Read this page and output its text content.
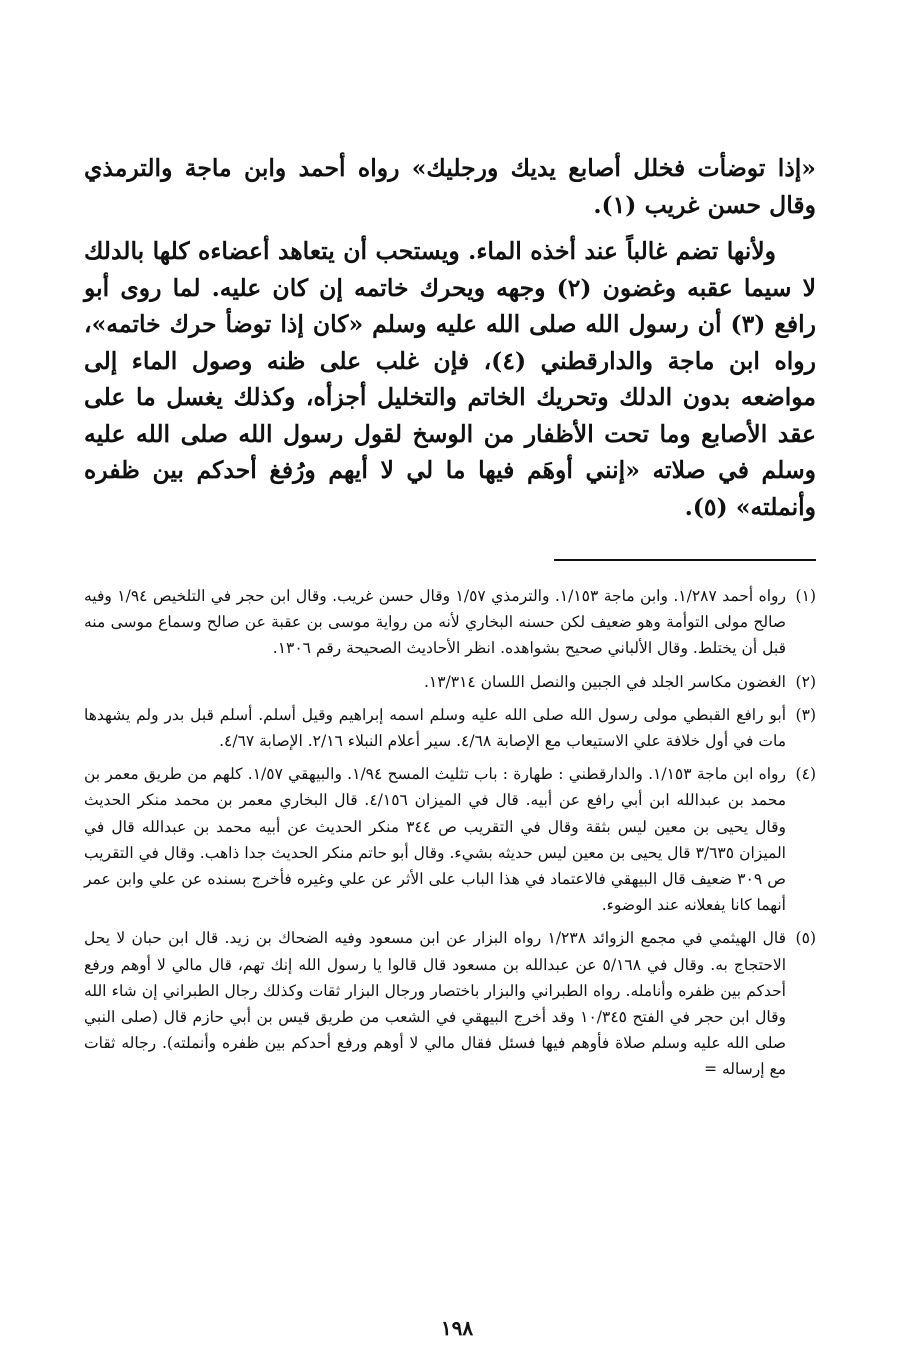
«إذا توضأت فخلل أصابع يديك ورجليك» رواه أحمد وابن ماجة والترمذي وقال حسن غريب (١).

ولأنها تضم غالباً عند أخذه الماء. ويستحب أن يتعاهد أعضاءه كلها بالدلك لا سيما عقبه وغضون (٢) وجهه ويحرك خاتمه إن كان عليه. لما روى أبو رافع (٣) أن رسول الله صلى الله عليه وسلم «كان إذا توضأ حرك خاتمه»، رواه ابن ماجة والدارقطني (٤)، فإن غلب على ظنه وصول الماء إلى مواضعه بدون الدلك وتحريك الخاتم والتخليل أجزأه، وكذلك يغسل ما على عقد الأصابع وما تحت الأظفار من الوسخ لقول رسول الله صلى الله عليه وسلم في صلاته «إنني أوهَم فيها ما لي لا أيهم ورُفغ أحدكم بين ظفره وأنملته» (٥).

(١)
رواه أحمد ١/٢٨٧. وابن ماجة ١/١٥٣. والترمذي ١/٥٧ وقال حسن غريب. وقال ابن حجر في التلخيص ١/٩٤ وفيه صالح مولى التوأمة وهو ضعيف لكن حسنه البخاري لأنه من رواية موسى بن عقبة عن صالح وسماع موسى منه قبل أن يختلط. وقال الألباني صحيح بشواهده. انظر الأحاديث الصحيحة رقم ١٣٠٦.
(٢)
الغضون مكاسر الجلد في الجبين والنصل اللسان ١٣/٣١٤.
(٣)
أبو رافع القبطي مولى رسول الله صلى الله عليه وسلم اسمه إبراهيم وقيل أسلم. أسلم قبل بدر ولم يشهدها مات في أول خلافة علي الاستيعاب مع الإصابة ٤/٦٨. سير أعلام النبلاء ٢/١٦. الإصابة ٤/٦٧.
(٤)
رواه ابن ماجة ١/١٥٣. والدارقطني : طهارة : باب تثليث المسح ١/٩٤. والبيهقي ١/٥٧. كلهم من طريق معمر بن محمد بن عبدالله ابن أبي رافع عن أبيه. قال في الميزان ٤/١٥٦. قال البخاري معمر بن محمد منكر الحديث وقال يحيى بن معين ليس بثقة وقال في التقريب ص ٣٤٤ منكر الحديث عن أبيه محمد بن عبدالله قال في الميزان ٣/٦٣٥ قال يحيى بن معين ليس حديثه بشيء. وقال أبو حاتم منكر الحديث جدا ذاهب. وقال في التقريب ص ٣٠٩ ضعيف قال البيهقي فالاعتماد في هذا الباب على الأثر عن علي وغيره فأخرج بسنده عن علي وابن عمر أنهما كانا يفعلانه عند الوضوء.
(٥)
قال الهيثمي في مجمع الزوائد ١/٢٣٨ رواه البزار عن ابن مسعود وفيه الضحاك بن زيد. قال ابن حبان لا يحل الاحتجاج به. وقال في ٥/١٦٨ عن عبدالله بن مسعود قال قالوا يا رسول الله إنك تهم، قال مالي لا أوهم ورفع أحدكم بين ظفره وأنامله. رواه الطبراني والبزار باختصار ورجال البزار ثقات وكذلك رجال الطبراني إن شاء الله وقال ابن حجر في الفتح ١٠/٣٤٥ وقد أخرج البيهقي في الشعب من طريق قيس بن أبي حازم قال (صلى النبي صلى الله عليه وسلم صلاة فأوهم فيها فسئل فقال مالي لا أوهم ورفع أحدكم بين ظفره وأنملته). رجاله ثقات مع إرساله =
١٩٨
